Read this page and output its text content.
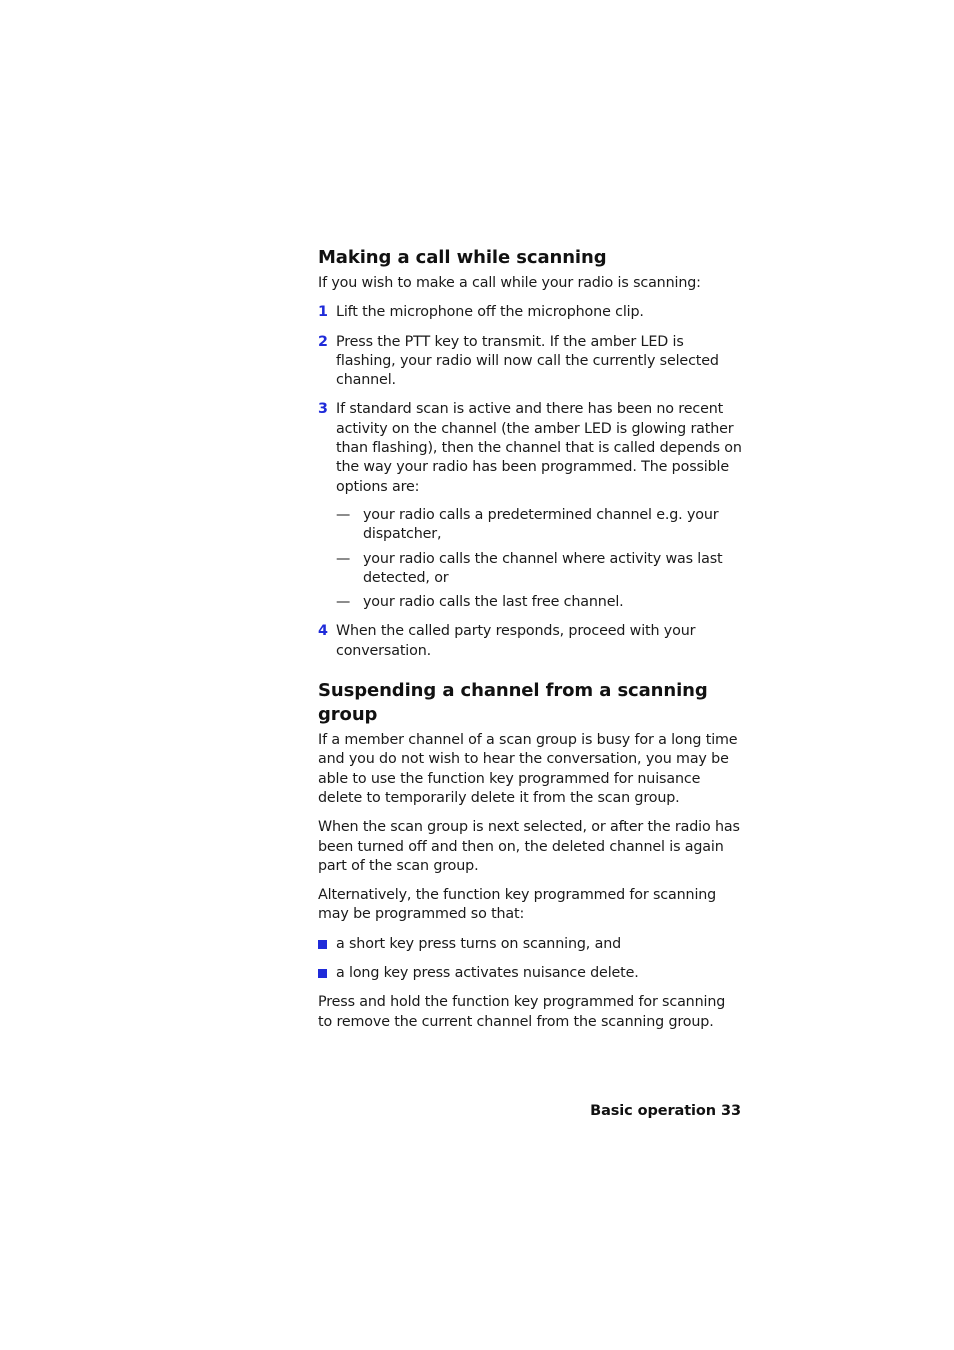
Making a call while scanning

If you wish to make a call while your radio is scanning:

1 Lift the microphone off the microphone clip.
2 Press the PTT key to transmit. If the amber LED is flashing, your radio will now call the currently selected channel.
3 If standard scan is active and there has been no recent activity on the channel (the amber LED is glowing rather than flashing), then the channel that is called depends on the way your radio has been programmed. The possible options are:
— your radio calls a predetermined channel e.g. your dispatcher,
— your radio calls the channel where activity was last detected, or
— your radio calls the last free channel.
4 When the called party responds, proceed with your conversation.
Suspending a channel from a scanning group

If a member channel of a scan group is busy for a long time and you do not wish to hear the conversation, you may be able to use the function key programmed for nuisance delete to temporarily delete it from the scan group.

When the scan group is next selected, or after the radio has been turned off and then on, the deleted channel is again part of the scan group.

Alternatively, the function key programmed for scanning may be programmed so that:

a short key press turns on scanning, and
a long key press activates nuisance delete.

Press and hold the function key programmed for scanning to remove the current channel from the scanning group.

Basic operation 33
